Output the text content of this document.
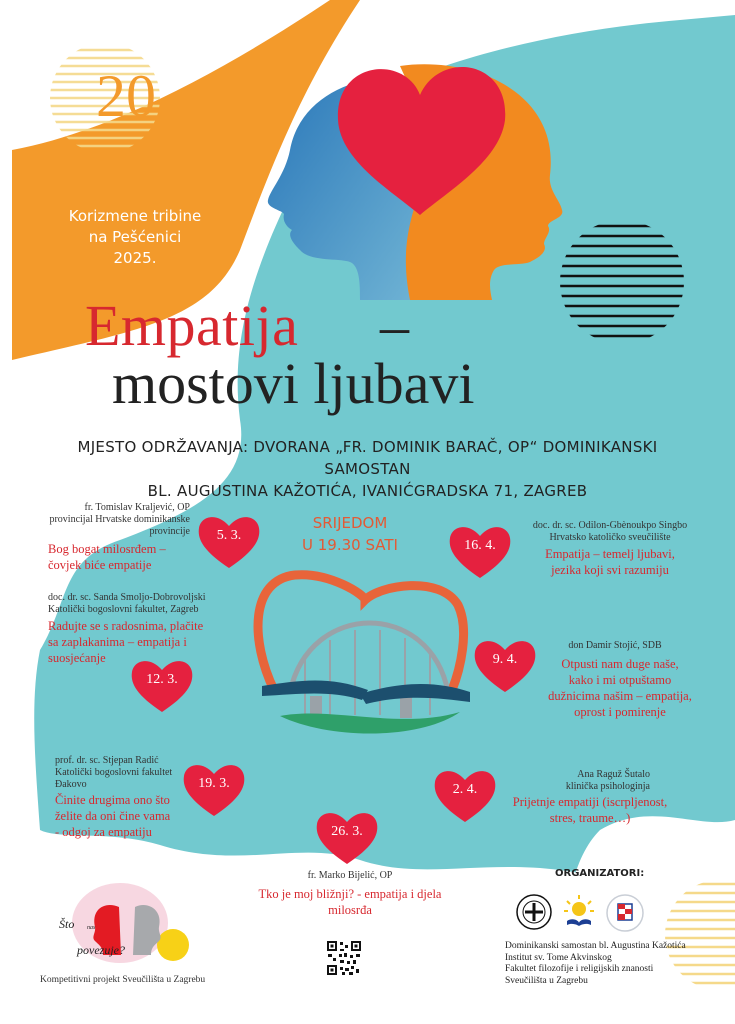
20
Korizmene tribine
na Pešćenici
2025.
Empatija –
mostovi ljubavi
MJESTO ODRŽAVANJA: DVORANA „FR. DOMINIK BARAČ, OP“ DOMINIKANSKI SAMOSTAN
BL. AUGUSTINA KAŽOTIĆA, IVANIĆGRADSKA 71, ZAGREB
SRIJEDOM
U 19.30 SATI
fr. Tomislav Kraljević, OP
provincijal Hrvatske dominikanske
provincije
Bog bogat milosrđem –
čovjek biće empatije
5. 3.
doc. dr. sc. Sanda Smoljo-Dobrovoljski
Katolički bogoslovni fakultet, Zagreb
Radujte se s radosnima, plačite
sa zaplakanima – empatija i
suosjećanje
12. 3.
prof. dr. sc. Stjepan Radić
Katolički bogoslovni fakultet
Đakovo
Činite drugima ono što
želite da oni čine vama
- odgoj za empatiju
19. 3.
26. 3.
fr. Marko Bijelić, OP
Tko je moj bližnji? - empatija i djela
milosrđa
2. 4.
Ana Raguž Šutalo
klinička psihologinja
Prijetnje empatiji (iscrpljenost,
stres, traume…)
9. 4.
don Damir Stojić, SDB
Otpusti nam duge naše,
kako i mi otpuštamo
dužnicima našim – empatija,
oprost i pomirenje
16. 4.
doc. dr. sc. Odilon-Gbènoukpo Singbo
Hrvatsko katoličko sveučilište
Empatija – temelj ljubavi,
jezika koji svi razumiju
Što nas
povezuje?
Kompetitivni projekt Sveučilišta u Zagrebu
ORGANIZATORI:
Dominikanski samostan bl. Augustina Kažotića
Institut sv. Tome Akvinskog
Fakultet filozofije i religijskih znanosti
Sveučilišta u Zagrebu
